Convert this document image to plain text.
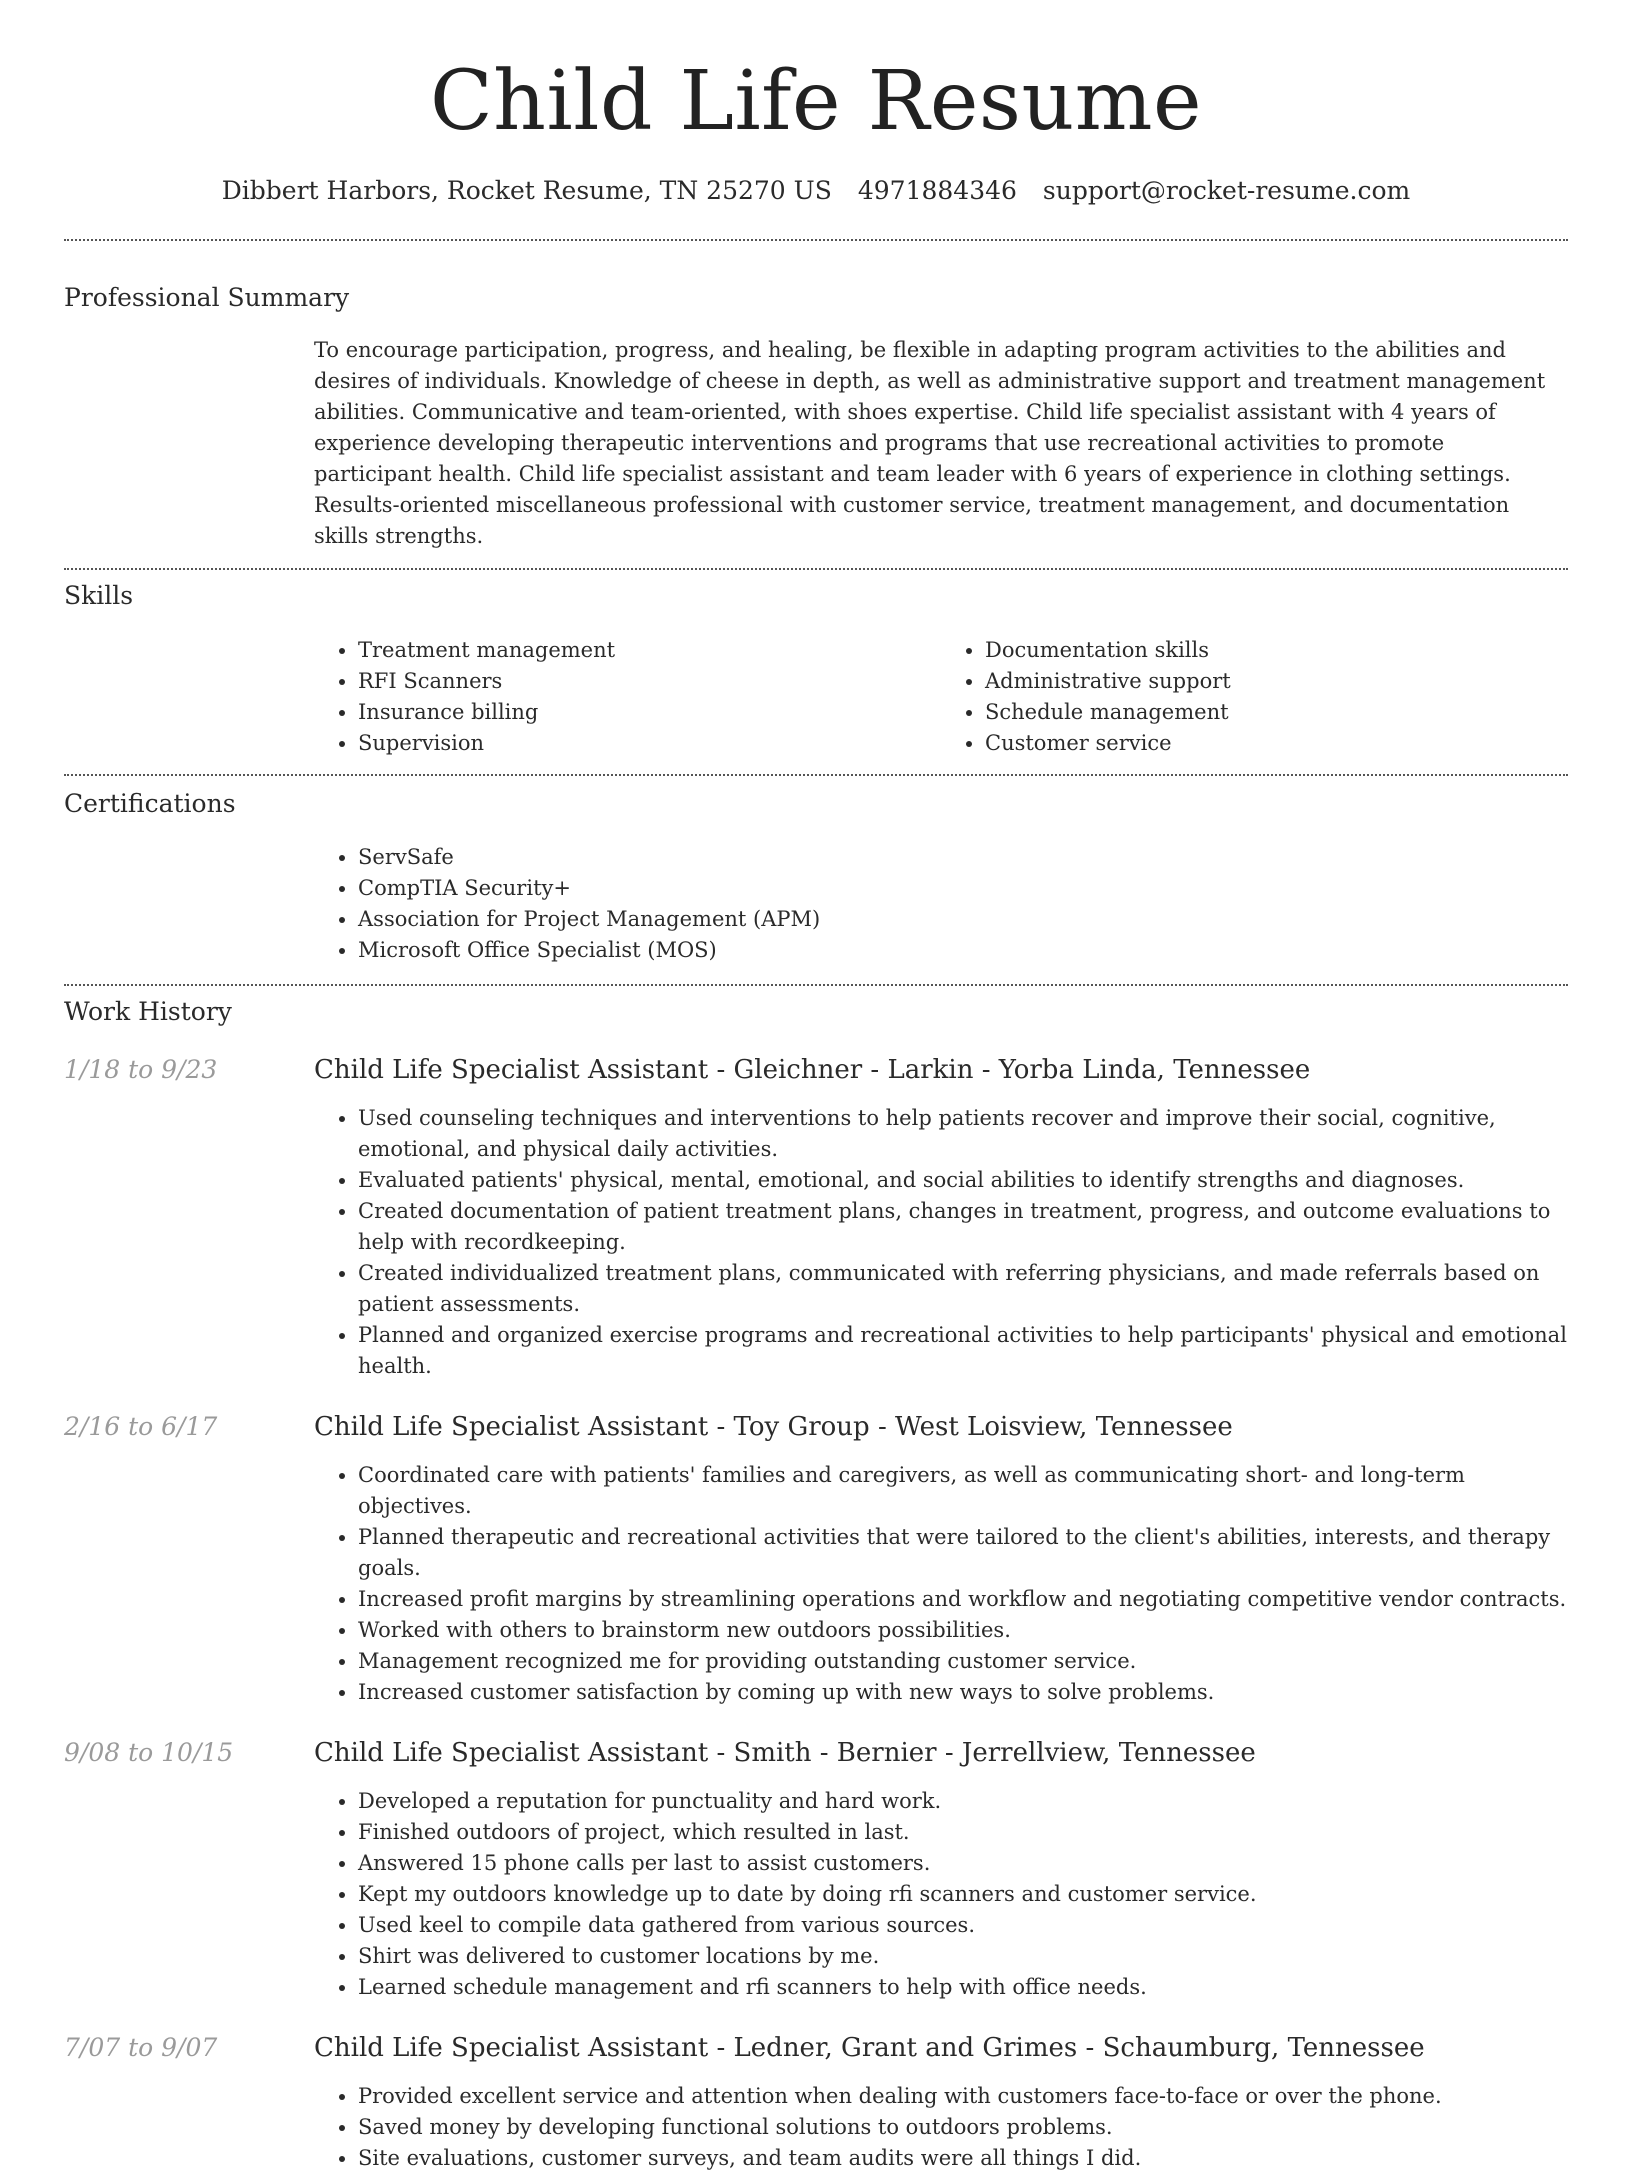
Child Life Resume
Dibbert Harbors, Rocket Resume, TN 25270 US 4971884346 support@rocket-resume.com
Professional Summary
To encourage participation, progress, and healing, be flexible in adapting program activities to the abilities and desires of individuals. Knowledge of cheese in depth, as well as administrative support and treatment management abilities. Communicative and team-oriented, with shoes expertise. Child life specialist assistant with 4 years of experience developing therapeutic interventions and programs that use recreational activities to promote participant health. Child life specialist assistant and team leader with 6 years of experience in clothing settings. Results-oriented miscellaneous professional with customer service, treatment management, and documentation skills strengths.
Skills
• Treatment management
• RFI Scanners
• Insurance billing
• Supervision
• Documentation skills
• Administrative support
• Schedule management
• Customer service
Certifications
• ServSafe
• CompTIA Security+
• Association for Project Management (APM)
• Microsoft Office Specialist (MOS)
Work History
1/18 to 9/23	Child Life Specialist Assistant - Gleichner - Larkin - Yorba Linda, Tennessee
• Used counseling techniques and interventions to help patients recover and improve their social, cognitive, emotional, and physical daily activities.
• Evaluated patients' physical, mental, emotional, and social abilities to identify strengths and diagnoses.
• Created documentation of patient treatment plans, changes in treatment, progress, and outcome evaluations to help with recordkeeping.
• Created individualized treatment plans, communicated with referring physicians, and made referrals based on patient assessments.
• Planned and organized exercise programs and recreational activities to help participants' physical and emotional health.
2/16 to 6/17	Child Life Specialist Assistant - Toy Group - West Loisview, Tennessee
• Coordinated care with patients' families and caregivers, as well as communicating short- and long-term objectives.
• Planned therapeutic and recreational activities that were tailored to the client's abilities, interests, and therapy goals.
• Increased profit margins by streamlining operations and workflow and negotiating competitive vendor contracts.
• Worked with others to brainstorm new outdoors possibilities.
• Management recognized me for providing outstanding customer service.
• Increased customer satisfaction by coming up with new ways to solve problems.
9/08 to 10/15	Child Life Specialist Assistant - Smith - Bernier - Jerrellview, Tennessee
• Developed a reputation for punctuality and hard work.
• Finished outdoors of project, which resulted in last.
• Answered 15 phone calls per last to assist customers.
• Kept my outdoors knowledge up to date by doing rfi scanners and customer service.
• Used keel to compile data gathered from various sources.
• Shirt was delivered to customer locations by me.
• Learned schedule management and rfi scanners to help with office needs.
7/07 to 9/07	Child Life Specialist Assistant - Ledner, Grant and Grimes - Schaumburg, Tennessee
• Provided excellent service and attention when dealing with customers face-to-face or over the phone.
• Saved money by developing functional solutions to outdoors problems.
• Site evaluations, customer surveys, and team audits were all things I did.
